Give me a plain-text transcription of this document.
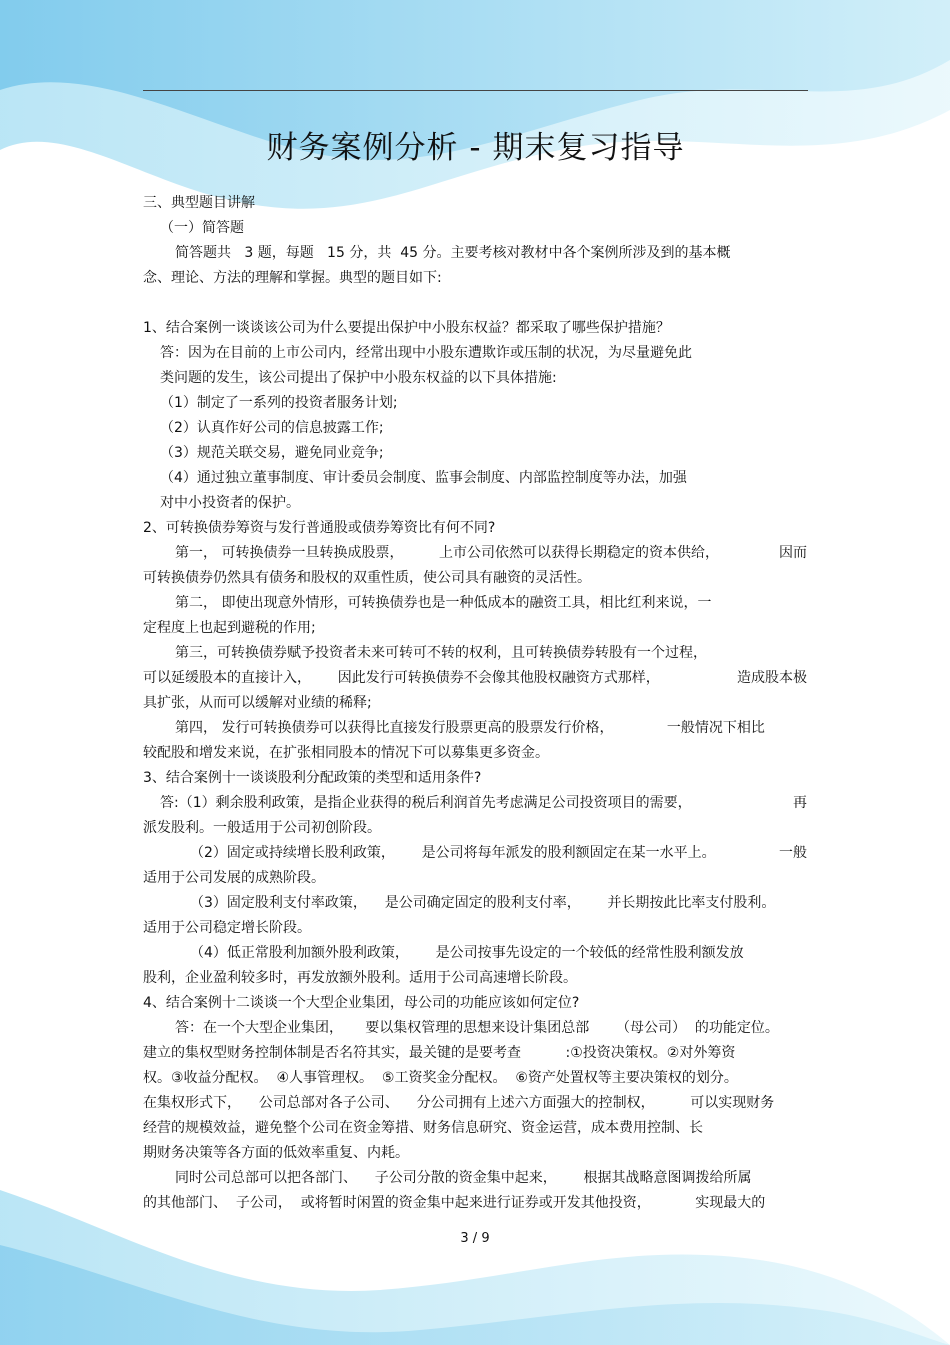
财务案例分析 - 期末复习指导
三、典型题目讲解
（一）简答题
简答题共   3 题，每题   15 分，共  45 分。主要考核对教材中各个案例所涉及到的基本概
念、理论、方法的理解和掌握。典型的题目如下:
1、结合案例一谈谈该公司为什么要提出保护中小股东权益？都采取了哪些保护措施？
答：因为在目前的上市公司内，经常出现中小股东遭欺诈或压制的状况，为尽量避免此
类问题的发生，该公司提出了保护中小股东权益的以下具体措施:
（1）制定了一系列的投资者服务计划;
（2）认真作好公司的信息披露工作;
（3）规范关联交易，避免同业竞争;
（4）通过独立董事制度、审计委员会制度、监事会制度、内部监控制度等办法，加强
对中小投资者的保护。
2、可转换债券筹资与发行普通股或债券筹资比有何不同?
第一， 可转换债券一旦转换成股票，        上市公司依然可以获得长期稳定的资本供给，
可转换债券仍然具有债务和股权的双重性质，使公司具有融资的灵活性。
第二， 即使出现意外情形，可转换债券也是一种低成本的融资工具，相比红利来说，一
定程度上也起到避税的作用;
第三，可转换债券赋予投资者未来可转可不转的权利，且可转换债券转股有一个过程，
可以延缓股本的直接计入，      因此发行可转换债券不会像其他股权融资方式那样，
具扩张，从而可以缓解对业绩的稀释;
第四， 发行可转换债券可以获得比直接发行股票更高的股票发行价格，            一般情况下相比
较配股和增发来说，在扩张相同股本的情况下可以募集更多资金。
3、结合案例十一谈谈股利分配政策的类型和适用条件?
答:（1）剩余股利政策，是指企业获得的税后利润首先考虑满足公司投资项目的需要，
派发股利。一般适用于公司初创阶段。
（2）固定或持续增长股利政策，      是公司将每年派发的股利额固定在某一水平上。
适用于公司发展的成熟阶段。
（3）固定股利支付率政策，    是公司确定固定的股利支付率，      并长期按此比率支付股利。
适用于公司稳定增长阶段。
（4）低正常股利加额外股利政策，      是公司按事先设定的一个较低的经常性股利额发放
股利，企业盈利较多时，再发放额外股利。适用于公司高速增长阶段。
4、结合案例十二谈谈一个大型企业集团，母公司的功能应该如何定位?
答：在一个大型企业集团，     要以集权管理的思想来设计集团总部      （母公司）  的功能定位。
建立的集权型财务控制体制是否名符其实，最关键的是要考查          :①投资决策权。②对外筹资
权。③收益分配权。  ④人事管理权。  ⑤工资奖金分配权。  ⑥资产处置权等主要决策权的划分。
在集权形式下，    公司总部对各子公司、    分公司拥有上述六方面强大的控制权，        可以实现财务
经营的规模效益，避免整个公司在资金筹措、财务信息研究、资金运营，成本费用控制、长
期财务决策等各方面的低效率重复、内耗。
同时公司总部可以把各部门、    子公司分散的资金集中起来，      根据其战略意图调拨给所属
的其他部门、  子公司，  或将暂时闲置的资金集中起来进行证券或开发其他投资，          实现最大的
因而
造成股本极
再
一般
3 / 9
